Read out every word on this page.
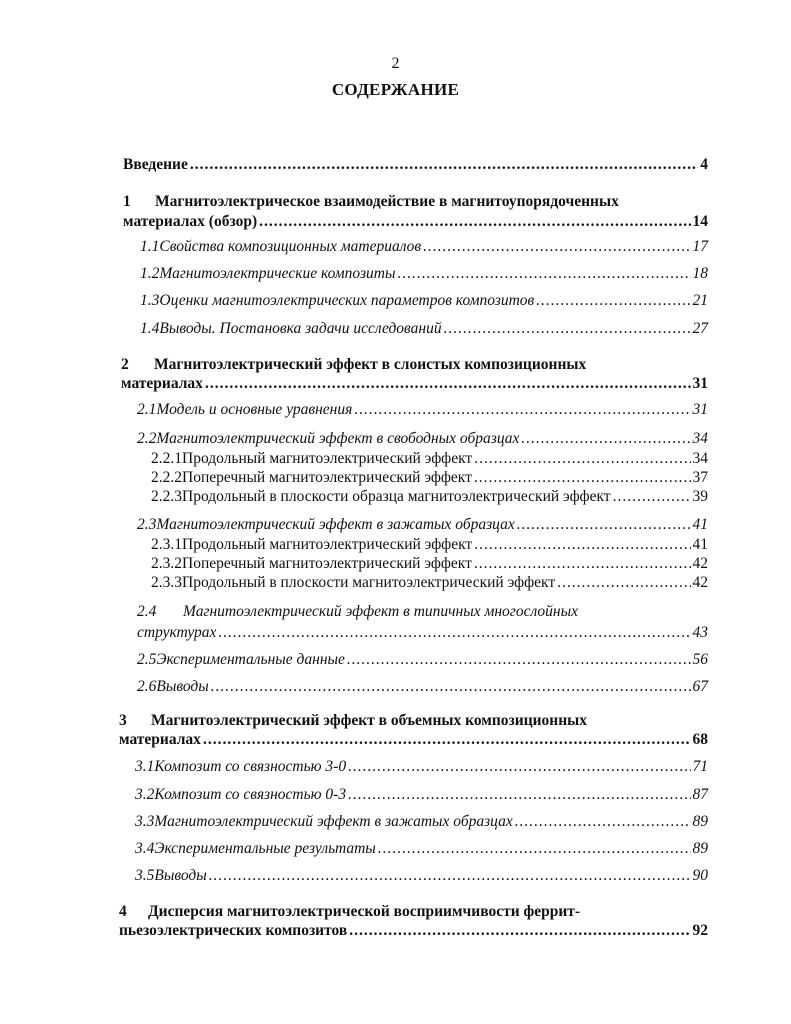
2
СОДЕРЖАНИЕ
Введение .....	4
1 Магнитоэлектрическое взаимодействие в магнитоупорядоченных
материалах (обзор) .....	14
1.1 Свойства композиционных материалов .....	17
1.2 Магнитоэлектрические композиты .....	18
1.3 Оценки магнитоэлектрических параметров композитов .....	21
1.4 Выводы. Постановка задачи исследований .....	27
2 Магнитоэлектрический эффект в слоистых композиционных
материалах .....	31
2.1 Модель и основные уравнения .....	31
2.2 Магнитоэлектрический эффект в свободных образцах .....	34
2.2.1 Продольный магнитоэлектрический эффект .....	34
2.2.2 Поперечный магнитоэлектрический эффект .....	37
2.2.3 Продольный в плоскости образца магнитоэлектрический эффект .....	39
2.3 Магнитоэлектрический эффект в зажатых образцах .....	41
2.3.1 Продольный магнитоэлектрический эффект .....	41
2.3.2 Поперечный магнитоэлектрический эффект .....	42
2.3.3 Продольный в плоскости магнитоэлектрический эффект .....	42
2.4 Магнитоэлектрический эффект в типичных многослойных
структурах .....	43
2.5 Экспериментальные данные .....	56
2.6 Выводы .....	67
3 Магнитоэлектрический эффект в объемных композиционных
материалах .....	68
3.1 Композит со связностью 3-0 .....	71
3.2 Композит со связностью 0-3 .....	87
3.3 Магнитоэлектрический эффект в зажатых образцах .....	89
3.4 Экспериментальные результаты .....	89
3.5 Выводы .....	90
4 Дисперсия магнитоэлектрической восприимчивости феррит-
пьезоэлектрических композитов .....	92
